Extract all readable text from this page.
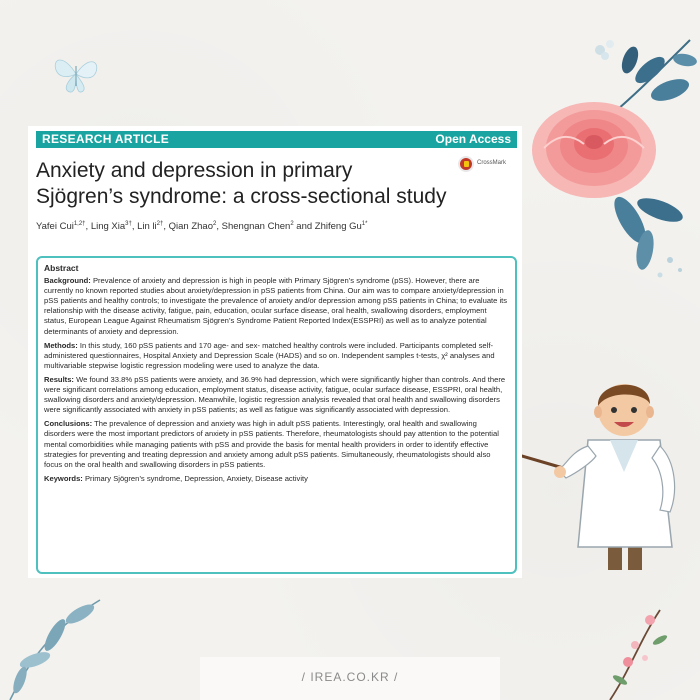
RESEARCH ARTICLE	Open Access
Anxiety and depression in primary
Sjögren’s syndrome: a cross-sectional study
CrossMark
Yafei Cui$^{1,2\dagger}$, Ling Xia$^{3\dagger}$, Lin $li^{2\dagger}$, Qian Zhao$^2$, Shengnan Chen$^2$ and Zhifeng $Gu^{1*}$
Abstract

Background: Prevalence of anxiety and depression is high in people with Primary Sjögren’s syndrome (pSS). However, there are currently no known reported studies about anxiety/depression in pSS patients from China. Our aim was to compare anxiety/depression in pSS patients and healthy controls; to investigate the prevalence of anxiety and/or depression among pSS patients in China; to evaluate its relationship with the disease activity, fatigue, pain, education, ocular surface disease, oral health, swallowing disorders, employment status, European League Against Rheumatism Sjögren’s Syndrome Patient Reported Index(ESSPRI) as well as to analyze potential determinants of anxiety and depression.

Methods: In this study, 160 pSS patients and 170 age- and sex- matched healthy controls were included. Participants completed self-administered questionnaires, Hospital Anxiety and Depression Scale (HADS) and so on. Independent samples t-tests, χ² analyses and multivariable stepwise logistic regression modeling were used to analyze the data.

Results: We found 33.8% pSS patients were anxiety, and 36.9% had depression, which were significantly higher than controls. And there were significant correlations among education, employment status, disease activity, fatigue, ocular surface disease, ESSPRI, oral health, swallowing disorders and anxiety/depression. Meanwhile, logistic regression analysis revealed that oral health and swallowing disorders were significantly associated with anxiety in pSS patients; as well as fatigue was significantly associated with depression.

Conclusions: The prevalence of depression and anxiety was high in adult pSS patients. Interestingly, oral health and swallowing disorders were the most important predictors of anxiety in pSS patients. Therefore, rheumatologists should pay attention to the potential mental comorbidities while managing patients with pSS and provide the basis for mental health providers in order to identify effective strategies for preventing and treating depression and anxiety among adult pSS patients. Simultaneously, rheumatologists should also focus on the oral health and swallowing disorders in pSS patients.

Keywords: Primary Sjögren’s syndrome, Depression, Anxiety, Disease activity

/ IREA.CO.KR /
